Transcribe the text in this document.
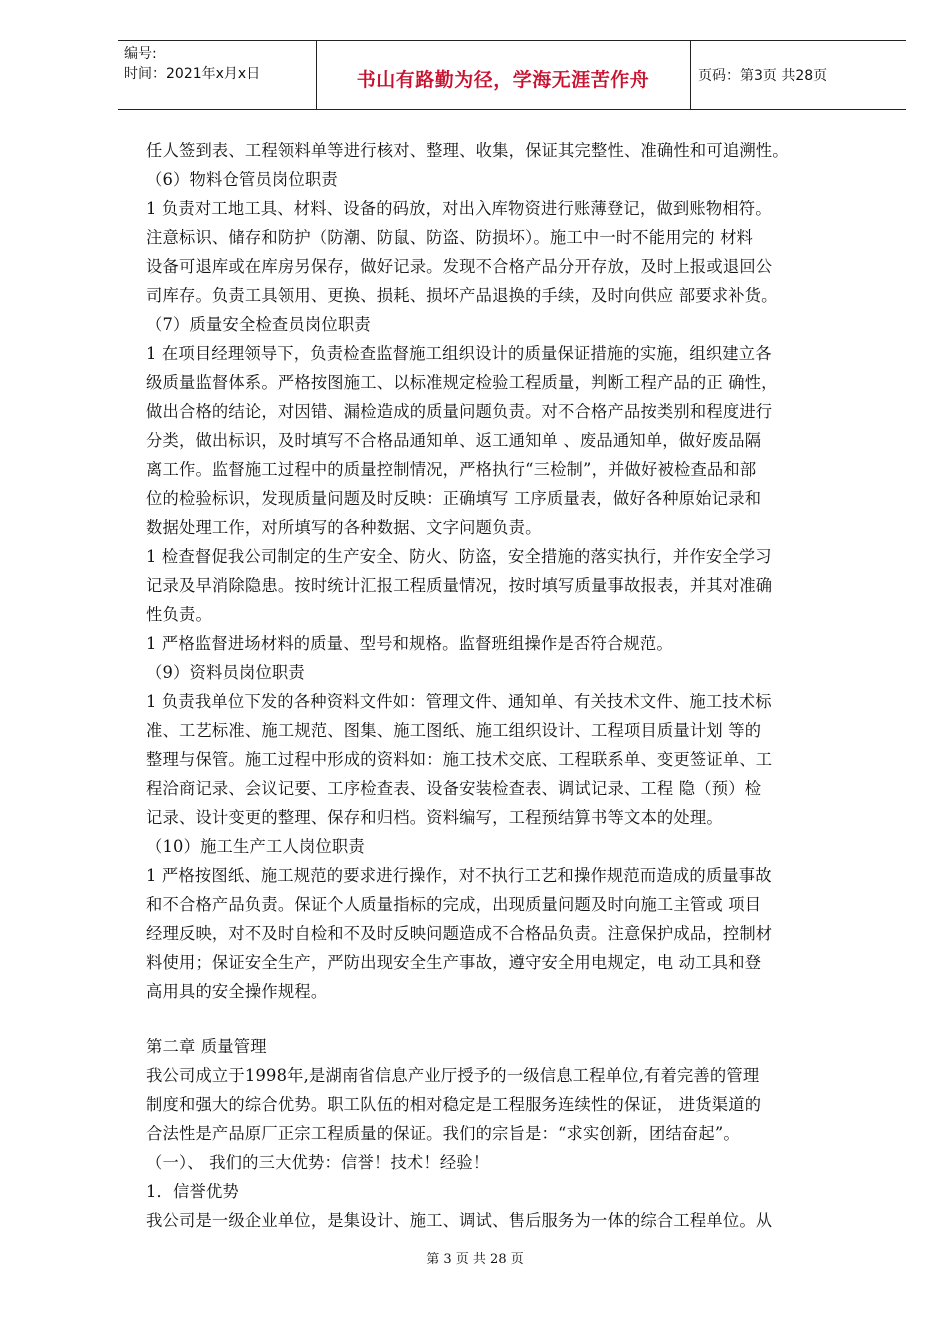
编号:
时间：2021年x月x日	书山有路勤为径，学海无涯苦作舟	页码：第3页 共28页
任人签到表、工程领料单等进行核对、整理、收集，保证其完整性、准确性和可追溯性。
（6）物料仓管员岗位职责
1 负责对工地工具、材料、设备的码放，对出入库物资进行账薄登记，做到账物相符。
注意标识、储存和防护（防潮、防鼠、防盗、防损坏）。施工中一时不能用完的 材料
设备可退库或在库房另保存，做好记录。发现不合格产品分开存放，及时上报或退回公
司库存。负责工具领用、更换、损耗、损坏产品退换的手续，及时向供应 部要求补货。
（7）质量安全检查员岗位职责
1 在项目经理领导下，负责检查监督施工组织设计的质量保证措施的实施，组织建立各
级质量监督体系。严格按图施工、以标准规定检验工程质量，判断工程产品的正 确性，
做出合格的结论，对因错、漏检造成的质量问题负责。对不合格产品按类别和程度进行
分类，做出标识，及时填写不合格品通知单、返工通知单 、废品通知单，做好废品隔
离工作。监督施工过程中的质量控制情况，严格执行“三检制”，并做好被检查品和部
位的检验标识，发现质量问题及时反映：正确填写 工序质量表，做好各种原始记录和
数据处理工作，对所填写的各种数据、文字问题负责。
1 检查督促我公司制定的生产安全、防火、防盗，安全措施的落实执行，并作安全学习
记录及早消除隐患。按时统计汇报工程质量情况，按时填写质量事故报表，并其对准确
性负责。
1 严格监督进场材料的质量、型号和规格。监督班组操作是否符合规范。
（9）资料员岗位职责
1 负责我单位下发的各种资料文件如：管理文件、通知单、有关技术文件、施工技术标
准、工艺标准、施工规范、图集、施工图纸、施工组织设计、工程项目质量计划 等的
整理与保管。施工过程中形成的资料如：施工技术交底、工程联系单、变更签证单、工
程洽商记录、会议记要、工序检查表、设备安装检查表、调试记录、工程 隐（预）检
记录、设计变更的整理、保存和归档。资料编写，工程预结算书等文本的处理。
（10）施工生产工人岗位职责
1 严格按图纸、施工规范的要求进行操作，对不执行工艺和操作规范而造成的质量事故
和不合格产品负责。保证个人质量指标的完成，出现质量问题及时向施工主管或 项目
经理反映，对不及时自检和不及时反映问题造成不合格品负责。注意保护成品，控制材
料使用；保证安全生产，严防出现安全生产事故，遵守安全用电规定，电 动工具和登
高用具的安全操作规程。
第二章 质量管理
我公司成立于1998年,是湖南省信息产业厅授予的一级信息工程单位,有着完善的管理
制度和强大的综合优势。职工队伍的相对稳定是工程服务连续性的保证， 进货渠道的
合法性是产品原厂正宗工程质量的保证。我们的宗旨是：“求实创新，团结奋起”。
（一）、 我们的三大优势：信誉！技术！经验！
1．信誉优势
我公司是一级企业单位，是集设计、施工、调试、售后服务为一体的综合工程单位。从
第 3 页 共 28 页
